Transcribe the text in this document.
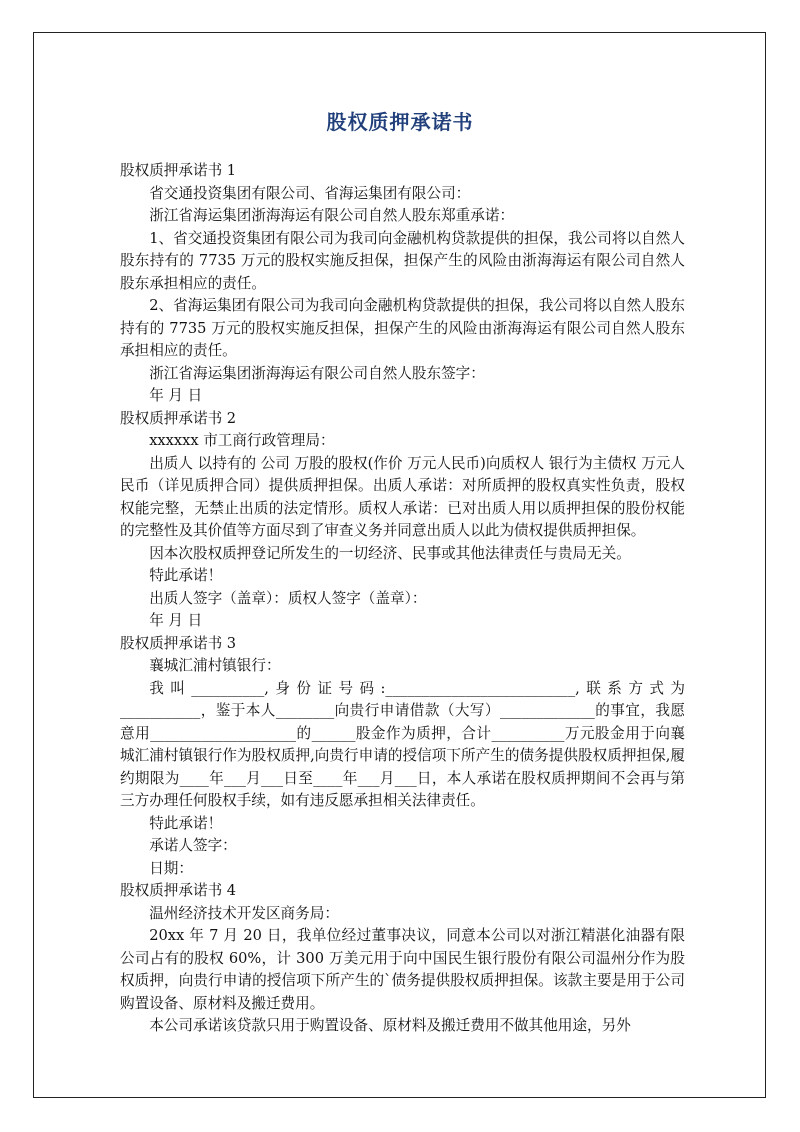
股权质押承诺书

股权质押承诺书 1

省交通投资集团有限公司、省海运集团有限公司：

浙江省海运集团浙海海运有限公司自然人股东郑重承诺：

1、省交通投资集团有限公司为我司向金融机构贷款提供的担保，我公司将以自然人股东持有的 7735 万元的股权实施反担保，担保产生的风险由浙海海运有限公司自然人股东承担相应的责任。

2、省海运集团有限公司为我司向金融机构贷款提供的担保，我公司将以自然人股东持有的 7735 万元的股权实施反担保，担保产生的风险由浙海海运有限公司自然人股东承担相应的责任。

浙江省海运集团浙海海运有限公司自然人股东签字：

年 月 日

股权质押承诺书 2

xxxxxx 市工商行政管理局：

出质人 以持有的 公司 万股的股权(作价 万元人民币)向质权人 银行为主债权 万元人民币（详见质押合同）提供质押担保。出质人承诺：对所质押的股权真实性负责，股权权能完整，无禁止出质的法定情形。质权人承诺：已对出质人用以质押担保的股份权能的完整性及其价值等方面尽到了审查义务并同意出质人以此为债权提供质押担保。

因本次股权质押登记所发生的一切经济、民事或其他法律责任与贵局无关。

特此承诺！

出质人签字（盖章）：质权人签字（盖章）：

年 月 日

股权质押承诺书 3

襄城汇浦村镇银行：

我叫__________,身份证号码:__________________________,联系方式为___________，鉴于本人________向贵行申请借款（大写）_____________的事宜，我愿意用____________________的______股金作为质押，合计__________万元股金用于向襄城汇浦村镇银行作为股权质押,向贵行申请的授信项下所产生的债务提供股权质押担保,履约期限为____年___月___日至____年___月___日，本人承诺在股权质押期间不会再与第三方办理任何股权手续，如有违反愿承担相关法律责任。

特此承诺！

承诺人签字：

日期：

股权质押承诺书 4

温州经济技术开发区商务局：

20xx 年 7 月 20 日，我单位经过董事决议，同意本公司以对浙江精湛化油器有限公司占有的股权 60%，计 300 万美元用于向中国民生银行股份有限公司温州分作为股权质押，向贵行申请的授信项下所产生的`债务提供股权质押担保。该款主要是用于公司购置设备、原材料及搬迁费用。

本公司承诺该贷款只用于购置设备、原材料及搬迁费用不做其他用途，另外
